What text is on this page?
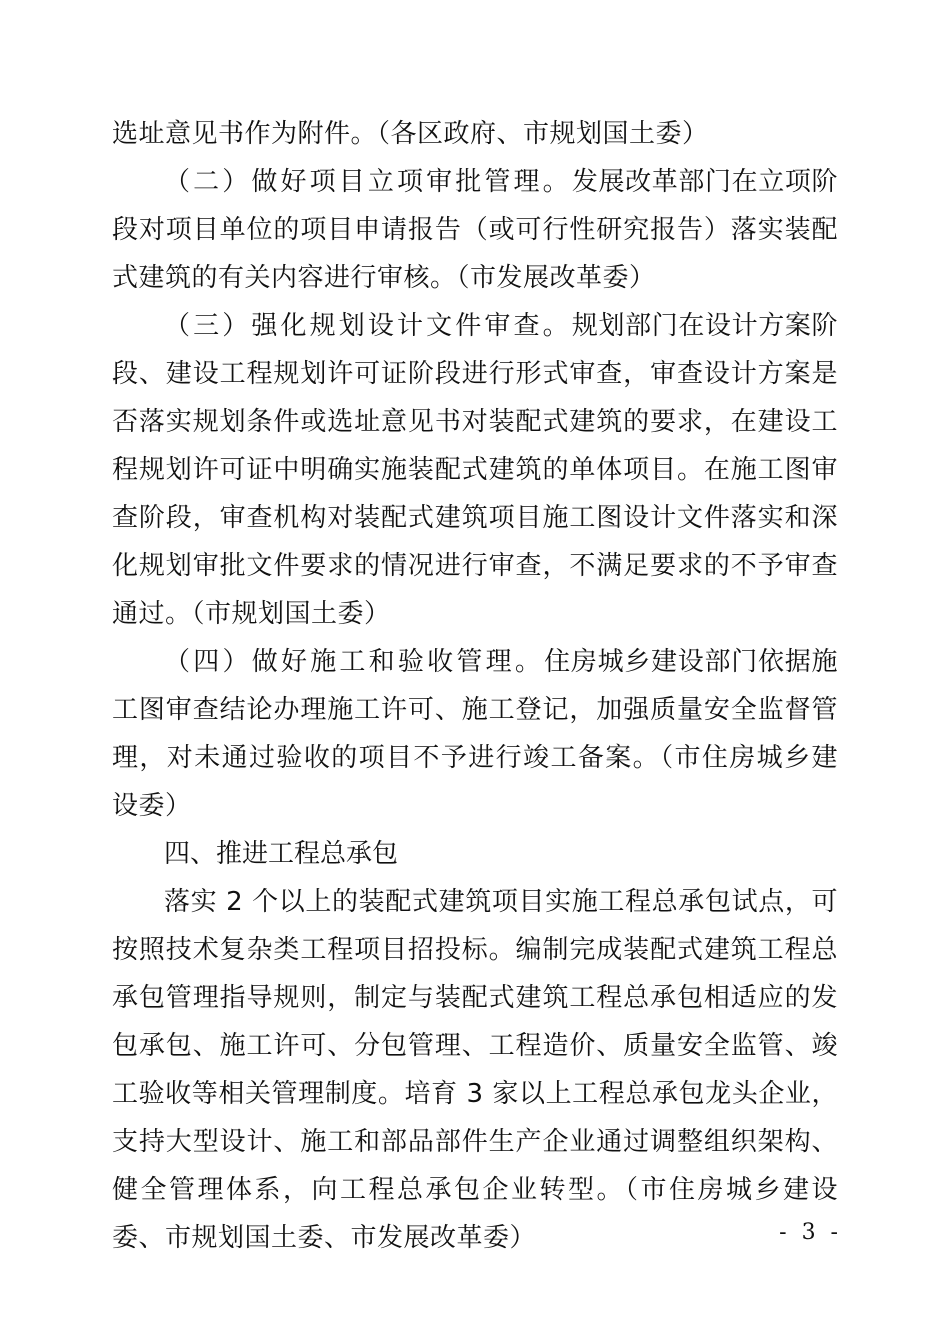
选址意见书作为附件。（各区政府、市规划国土委）

（二）做好项目立项审批管理。发展改革部门在立项阶段对项目单位的项目申请报告（或可行性研究报告）落实装配式建筑的有关内容进行审核。（市发展改革委）

（三）强化规划设计文件审查。规划部门在设计方案阶段、建设工程规划许可证阶段进行形式审查，审查设计方案是否落实规划条件或选址意见书对装配式建筑的要求，在建设工程规划许可证中明确实施装配式建筑的单体项目。在施工图审查阶段，审查机构对装配式建筑项目施工图设计文件落实和深化规划审批文件要求的情况进行审查，不满足要求的不予审查通过。（市规划国土委）

（四）做好施工和验收管理。住房城乡建设部门依据施工图审查结论办理施工许可、施工登记，加强质量安全监督管理，对未通过验收的项目不予进行竣工备案。（市住房城乡建设委）

四、推进工程总承包

落实 2 个以上的装配式建筑项目实施工程总承包试点，可按照技术复杂类工程项目招投标。编制完成装配式建筑工程总承包管理指导规则，制定与装配式建筑工程总承包相适应的发包承包、施工许可、分包管理、工程造价、质量安全监管、竣工验收等相关管理制度。培育 3 家以上工程总承包龙头企业，支持大型设计、施工和部品部件生产企业通过调整组织架构、健全管理体系，向工程总承包企业转型。（市住房城乡建设委、市规划国土委、市发展改革委）	- 3 -
